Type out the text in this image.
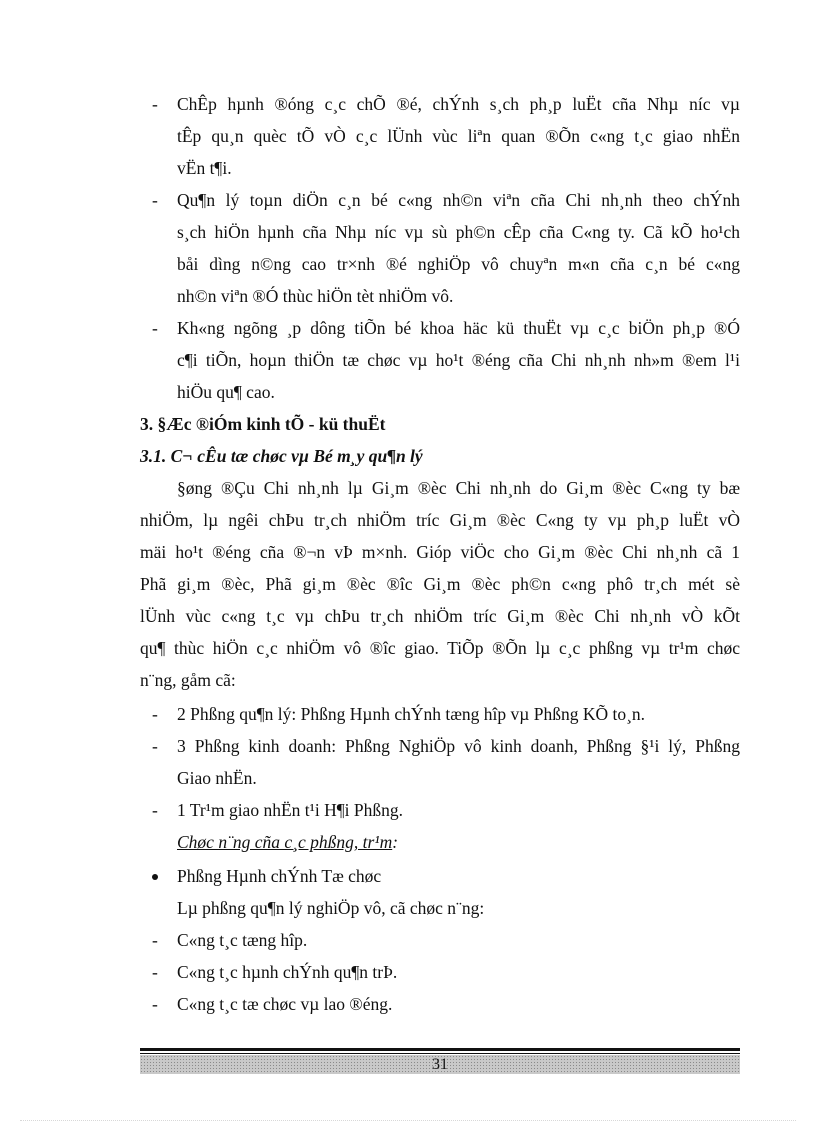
- ChÊp hµnh ®óng c¸c chÕ ®é, chÝnh s¸ch ph¸p luËt cña Nhµ níc vµ
tÊp qu¸n quèc tÕ vÒ c¸c lÜnh vùc liªn quan ®Õn c«ng t¸c giao nhËn
vËn t¶i.
- Qu¶n lý toµn diÖn c¸n bé c«ng nh©n viªn cña Chi nh¸nh theo chÝnh
s¸ch hiÖn hµnh cña Nhµ níc vµ sù ph©n cÊp cña C«ng ty. Cã kÕ ho¹ch
båi dìng n©ng cao tr×nh ®é nghiÖp vô chuyªn m«n cña c¸n bé c«ng
nh©n viªn ®Ó thùc hiÖn tèt nhiÖm vô.
- Kh«ng ngõng ¸p dông tiÕn bé khoa häc kü thuËt vµ c¸c biÖn ph¸p ®Ó
c¶i tiÕn, hoµn thiÖn tæ chøc vµ ho¹t ®éng cña Chi nh¸nh nh»m ®em l¹i
hiÖu qu¶ cao.
3. §Æc ®iÓm kinh tÕ - kü thuËt
3.1. C¬ cÊu tæ chøc vµ Bé m¸y qu¶n lý
§øng ®Çu Chi nh¸nh lµ Gi¸m ®èc Chi nh¸nh do Gi¸m ®èc C«ng ty bæ
nhiÖm, lµ ngêi chÞu tr¸ch nhiÖm tríc Gi¸m ®èc C«ng ty vµ ph¸p luËt vÒ
mäi ho¹t ®éng cña ®¬n vÞ m×nh. Gióp viÖc cho Gi¸m ®èc Chi nh¸nh cã 1
Phã gi¸m ®èc, Phã gi¸m ®èc ®îc Gi¸m ®èc ph©n c«ng phô tr¸ch mét sè
lÜnh vùc c«ng t¸c vµ chÞu tr¸ch nhiÖm tríc Gi¸m ®èc Chi nh¸nh vÒ kÕt
qu¶ thùc hiÖn c¸c nhiÖm vô ®îc giao. TiÕp ®Õn lµ c¸c phßng vµ tr¹m chøc
n¨ng, gåm cã:
- 2 Phßng qu¶n lý: Phßng Hµnh chÝnh tæng hîp vµ Phßng KÕ to¸n.
- 3 Phßng kinh doanh: Phßng NghiÖp vô kinh doanh, Phßng §¹i lý, Phßng
Giao nhËn.
- 1 Tr¹m giao nhËn t¹i H¶i Phßng.
Chøc n¨ng cña c¸c phßng, tr¹m:
Phßng Hµnh chÝnh Tæ chøc
Lµ phßng qu¶n lý nghiÖp vô, cã chøc n¨ng:
- C«ng t¸c tæng hîp.
- C«ng t¸c hµnh chÝnh qu¶n trÞ.
- C«ng t¸c tæ chøc vµ lao ®éng.
31
